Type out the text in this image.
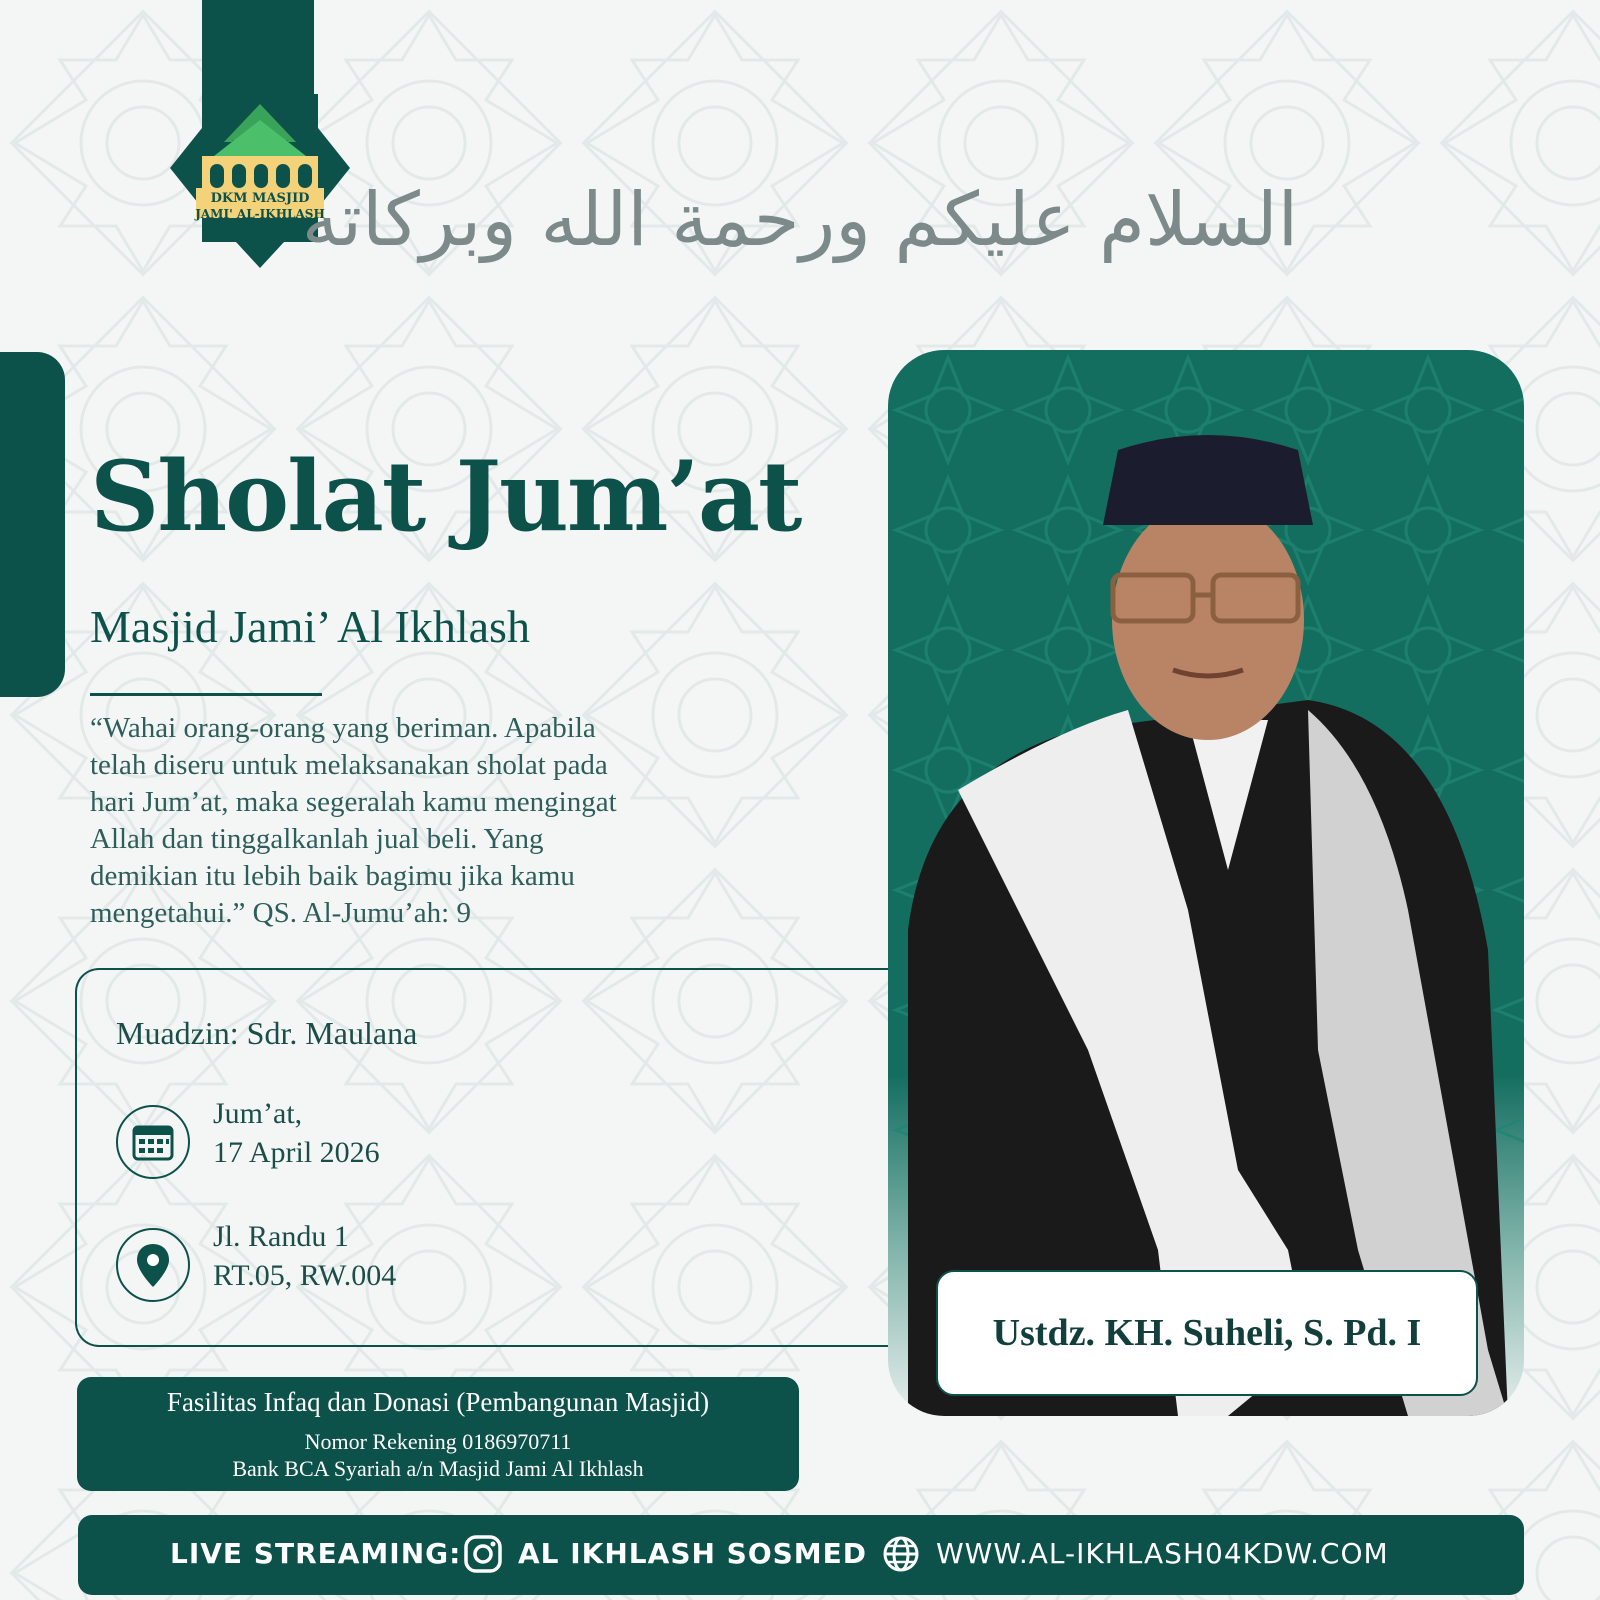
DKM MASJID
JAMI' AL-IKHLASH
السلام عليكم ورحمة الله وبركاته
Sholat Jum’at
Masjid Jami’ Al Ikhlash
“Wahai orang-orang yang beriman. Apabila
telah diseru untuk melaksanakan sholat pada
hari Jum’at, maka segeralah kamu mengingat
Allah dan tinggalkanlah jual beli. Yang
demikian itu lebih baik bagimu jika kamu
mengetahui.” QS. Al-Jumu’ah: 9
Muadzin: Sdr. Maulana
Jum’at,
17 April 2026
Jl. Randu 1
RT.05, RW.004
Ustdz. KH. Suheli, S. Pd. I
Fasilitas Infaq dan Donasi (Pembangunan Masjid)
Nomor Rekening 0186970711
Bank BCA Syariah a/n Masjid Jami Al Ikhlash
LIVE STREAMING: AL IKHLASH SOSMED WWW.AL-IKHLASH04KDW.COM
